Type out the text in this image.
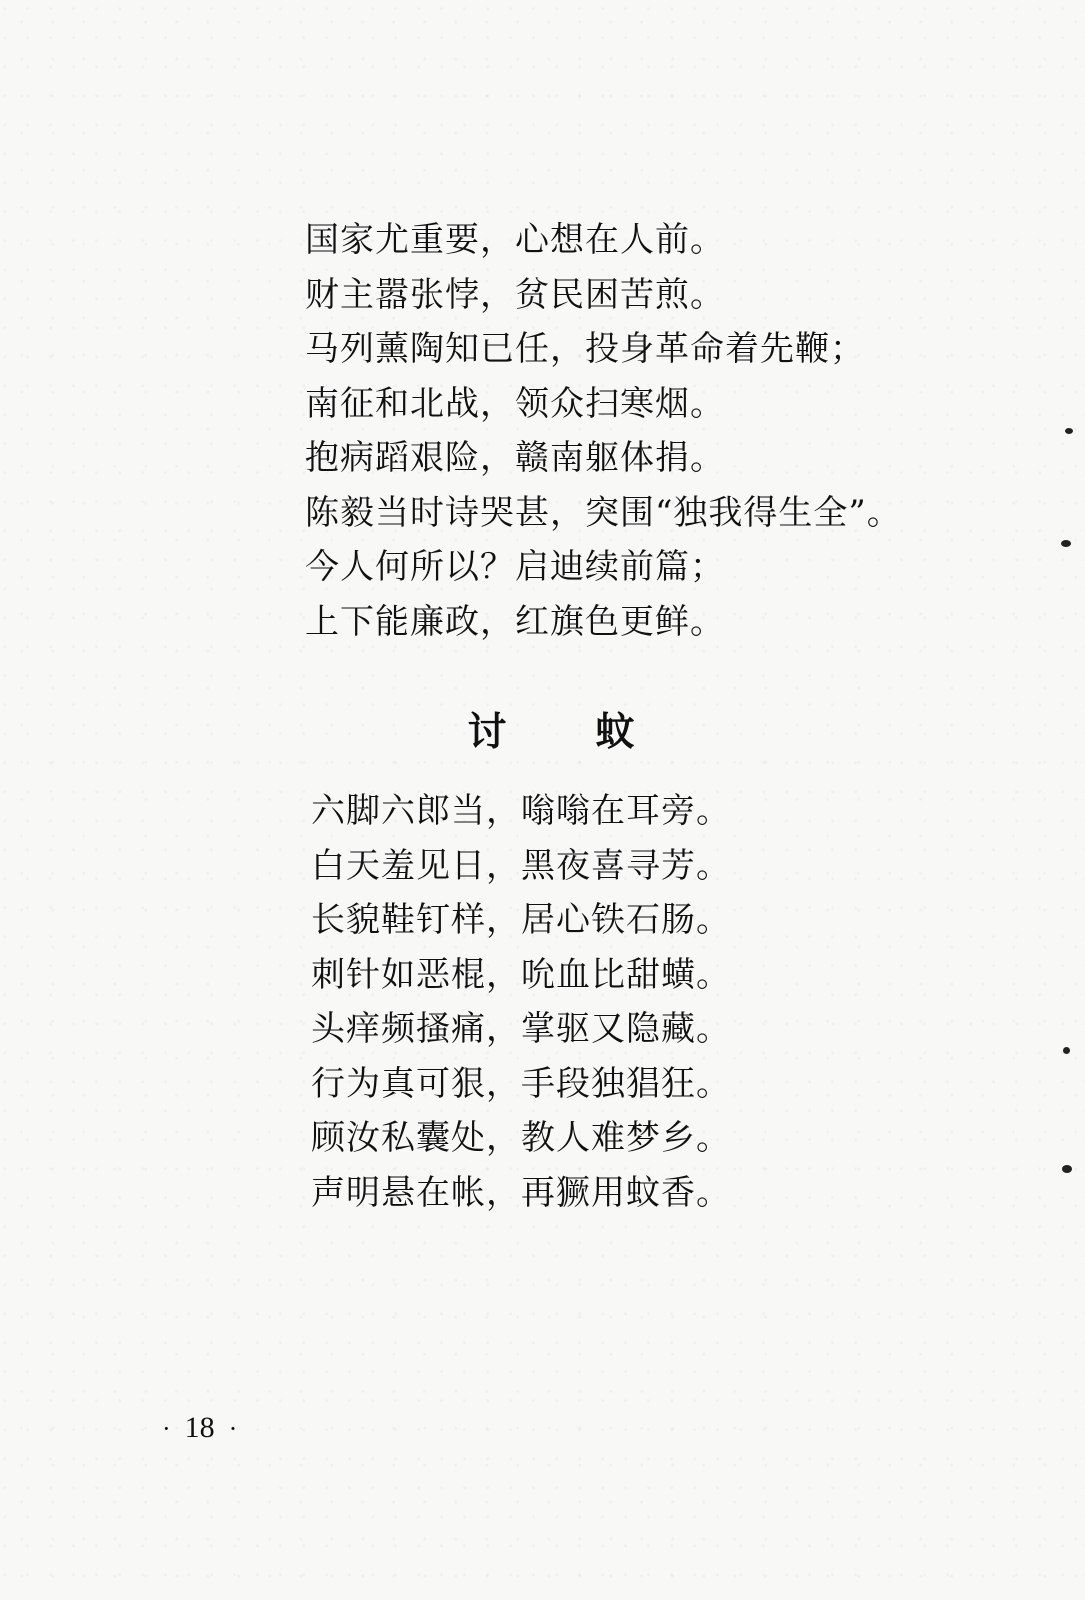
国家尤重要，心想在人前。
财主嚣张悖，贫民困苦煎。
马列薰陶知已任，投身革命着先鞭；
南征和北战，领众扫寒烟。
抱病蹈艰险，赣南躯体捐。
陈毅当时诗哭甚，突围“独我得生全”。
今人何所以？启迪续前篇；
上下能廉政，红旗色更鲜。
讨 蚊
六脚六郎当，嗡嗡在耳旁。
白天羞见日，黑夜喜寻芳。
长貌鞋钉样，居心铁石肠。
刺针如恶棍，吮血比甜蟥。
头痒频搔痛，掌驱又隐藏。
行为真可狠，手段独猖狂。
顾汝私囊处，教人难梦乡。
声明悬在帐，再獗用蚊香。
· 18 ·
